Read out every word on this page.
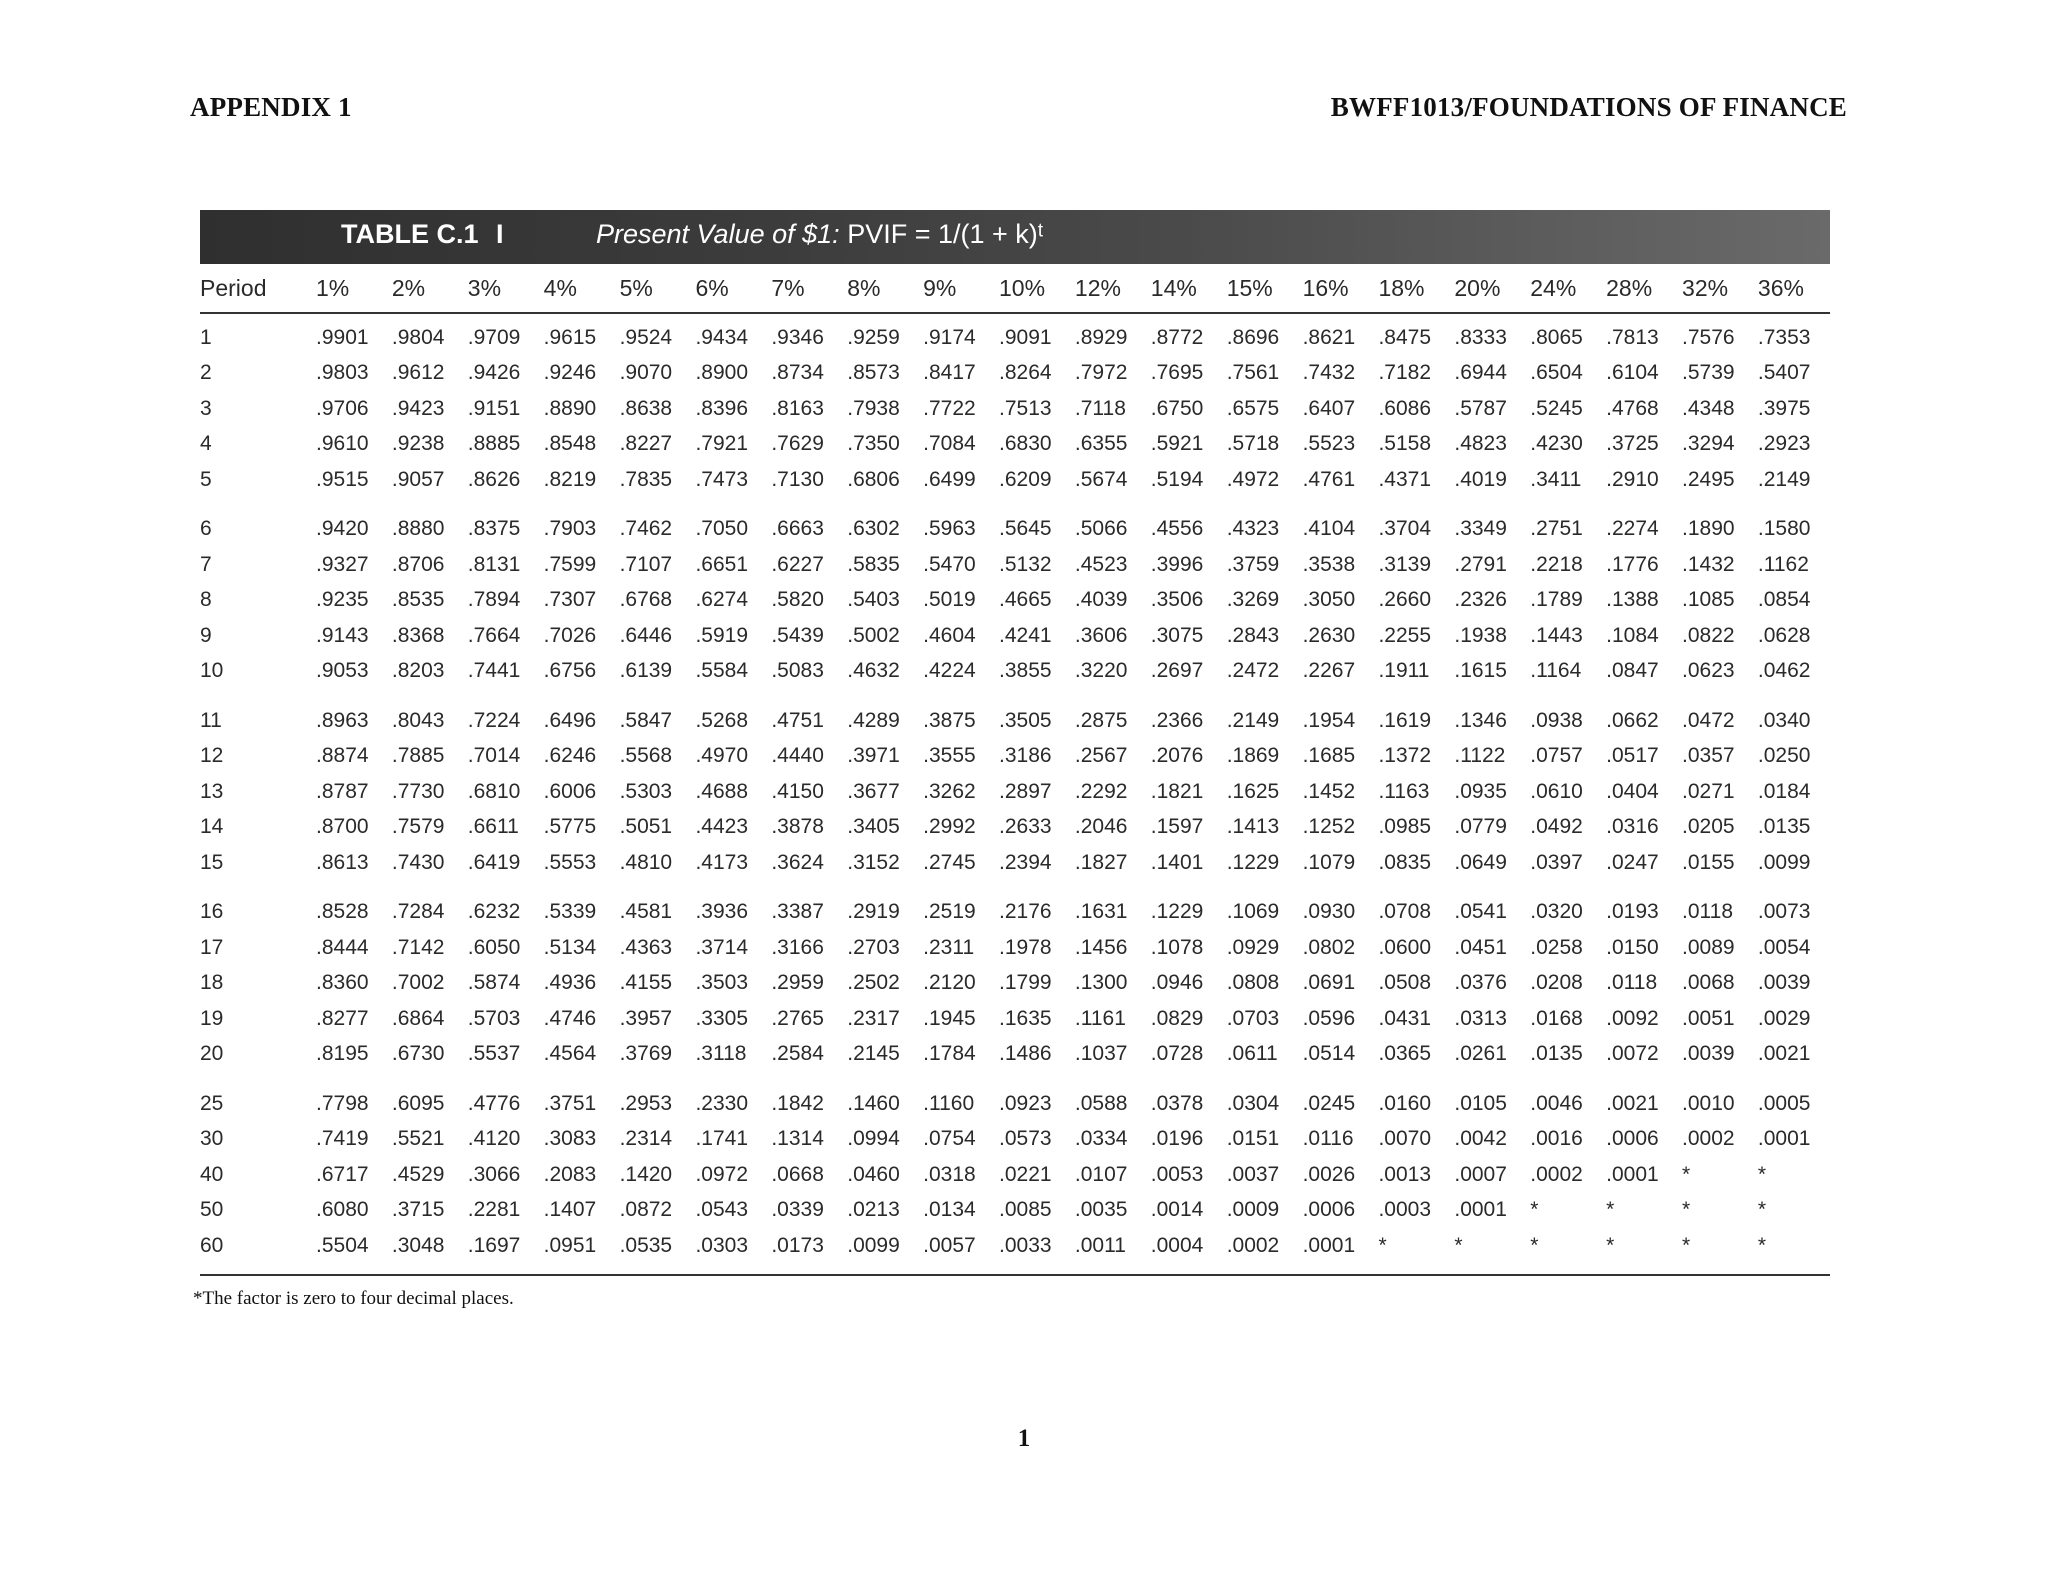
APPENDIX 1	BWFF1013/FOUNDATIONS OF FINANCE
TABLE C.1 I	Present Value of $1: PVIF = 1/(1 + k)ᵗ
Period	1%	2%	3%	4%	5%	6%	7%	8%	9%	10%	12%	14%	15%	16%	18%	20%	24%	28%	32%	36%
1	.9901	.9804	.9709	.9615	.9524	.9434	.9346	.9259	.9174	.9091	.8929	.8772	.8696	.8621	.8475	.8333	.8065	.7813	.7576	.7353
2	.9803	.9612	.9426	.9246	.9070	.8900	.8734	.8573	.8417	.8264	.7972	.7695	.7561	.7432	.7182	.6944	.6504	.6104	.5739	.5407
3	.9706	.9423	.9151	.8890	.8638	.8396	.8163	.7938	.7722	.7513	.7118	.6750	.6575	.6407	.6086	.5787	.5245	.4768	.4348	.3975
4	.9610	.9238	.8885	.8548	.8227	.7921	.7629	.7350	.7084	.6830	.6355	.5921	.5718	.5523	.5158	.4823	.4230	.3725	.3294	.2923
5	.9515	.9057	.8626	.8219	.7835	.7473	.7130	.6806	.6499	.6209	.5674	.5194	.4972	.4761	.4371	.4019	.3411	.2910	.2495	.2149
6	.9420	.8880	.8375	.7903	.7462	.7050	.6663	.6302	.5963	.5645	.5066	.4556	.4323	.4104	.3704	.3349	.2751	.2274	.1890	.1580
7	.9327	.8706	.8131	.7599	.7107	.6651	.6227	.5835	.5470	.5132	.4523	.3996	.3759	.3538	.3139	.2791	.2218	.1776	.1432	.1162
8	.9235	.8535	.7894	.7307	.6768	.6274	.5820	.5403	.5019	.4665	.4039	.3506	.3269	.3050	.2660	.2326	.1789	.1388	.1085	.0854
9	.9143	.8368	.7664	.7026	.6446	.5919	.5439	.5002	.4604	.4241	.3606	.3075	.2843	.2630	.2255	.1938	.1443	.1084	.0822	.0628
10	.9053	.8203	.7441	.6756	.6139	.5584	.5083	.4632	.4224	.3855	.3220	.2697	.2472	.2267	.1911	.1615	.1164	.0847	.0623	.0462
11	.8963	.8043	.7224	.6496	.5847	.5268	.4751	.4289	.3875	.3505	.2875	.2366	.2149	.1954	.1619	.1346	.0938	.0662	.0472	.0340
12	.8874	.7885	.7014	.6246	.5568	.4970	.4440	.3971	.3555	.3186	.2567	.2076	.1869	.1685	.1372	.1122	.0757	.0517	.0357	.0250
13	.8787	.7730	.6810	.6006	.5303	.4688	.4150	.3677	.3262	.2897	.2292	.1821	.1625	.1452	.1163	.0935	.0610	.0404	.0271	.0184
14	.8700	.7579	.6611	.5775	.5051	.4423	.3878	.3405	.2992	.2633	.2046	.1597	.1413	.1252	.0985	.0779	.0492	.0316	.0205	.0135
15	.8613	.7430	.6419	.5553	.4810	.4173	.3624	.3152	.2745	.2394	.1827	.1401	.1229	.1079	.0835	.0649	.0397	.0247	.0155	.0099
16	.8528	.7284	.6232	.5339	.4581	.3936	.3387	.2919	.2519	.2176	.1631	.1229	.1069	.0930	.0708	.0541	.0320	.0193	.0118	.0073
17	.8444	.7142	.6050	.5134	.4363	.3714	.3166	.2703	.2311	.1978	.1456	.1078	.0929	.0802	.0600	.0451	.0258	.0150	.0089	.0054
18	.8360	.7002	.5874	.4936	.4155	.3503	.2959	.2502	.2120	.1799	.1300	.0946	.0808	.0691	.0508	.0376	.0208	.0118	.0068	.0039
19	.8277	.6864	.5703	.4746	.3957	.3305	.2765	.2317	.1945	.1635	.1161	.0829	.0703	.0596	.0431	.0313	.0168	.0092	.0051	.0029
20	.8195	.6730	.5537	.4564	.3769	.3118	.2584	.2145	.1784	.1486	.1037	.0728	.0611	.0514	.0365	.0261	.0135	.0072	.0039	.0021
25	.7798	.6095	.4776	.3751	.2953	.2330	.1842	.1460	.1160	.0923	.0588	.0378	.0304	.0245	.0160	.0105	.0046	.0021	.0010	.0005
30	.7419	.5521	.4120	.3083	.2314	.1741	.1314	.0994	.0754	.0573	.0334	.0196	.0151	.0116	.0070	.0042	.0016	.0006	.0002	.0001
40	.6717	.4529	.3066	.2083	.1420	.0972	.0668	.0460	.0318	.0221	.0107	.0053	.0037	.0026	.0013	.0007	.0002	.0001	*	*
50	.6080	.3715	.2281	.1407	.0872	.0543	.0339	.0213	.0134	.0085	.0035	.0014	.0009	.0006	.0003	.0001	*	*	*	*
60	.5504	.3048	.1697	.0951	.0535	.0303	.0173	.0099	.0057	.0033	.0011	.0004	.0002	.0001	*	*	*	*	*	*
*The factor is zero to four decimal places.
1
